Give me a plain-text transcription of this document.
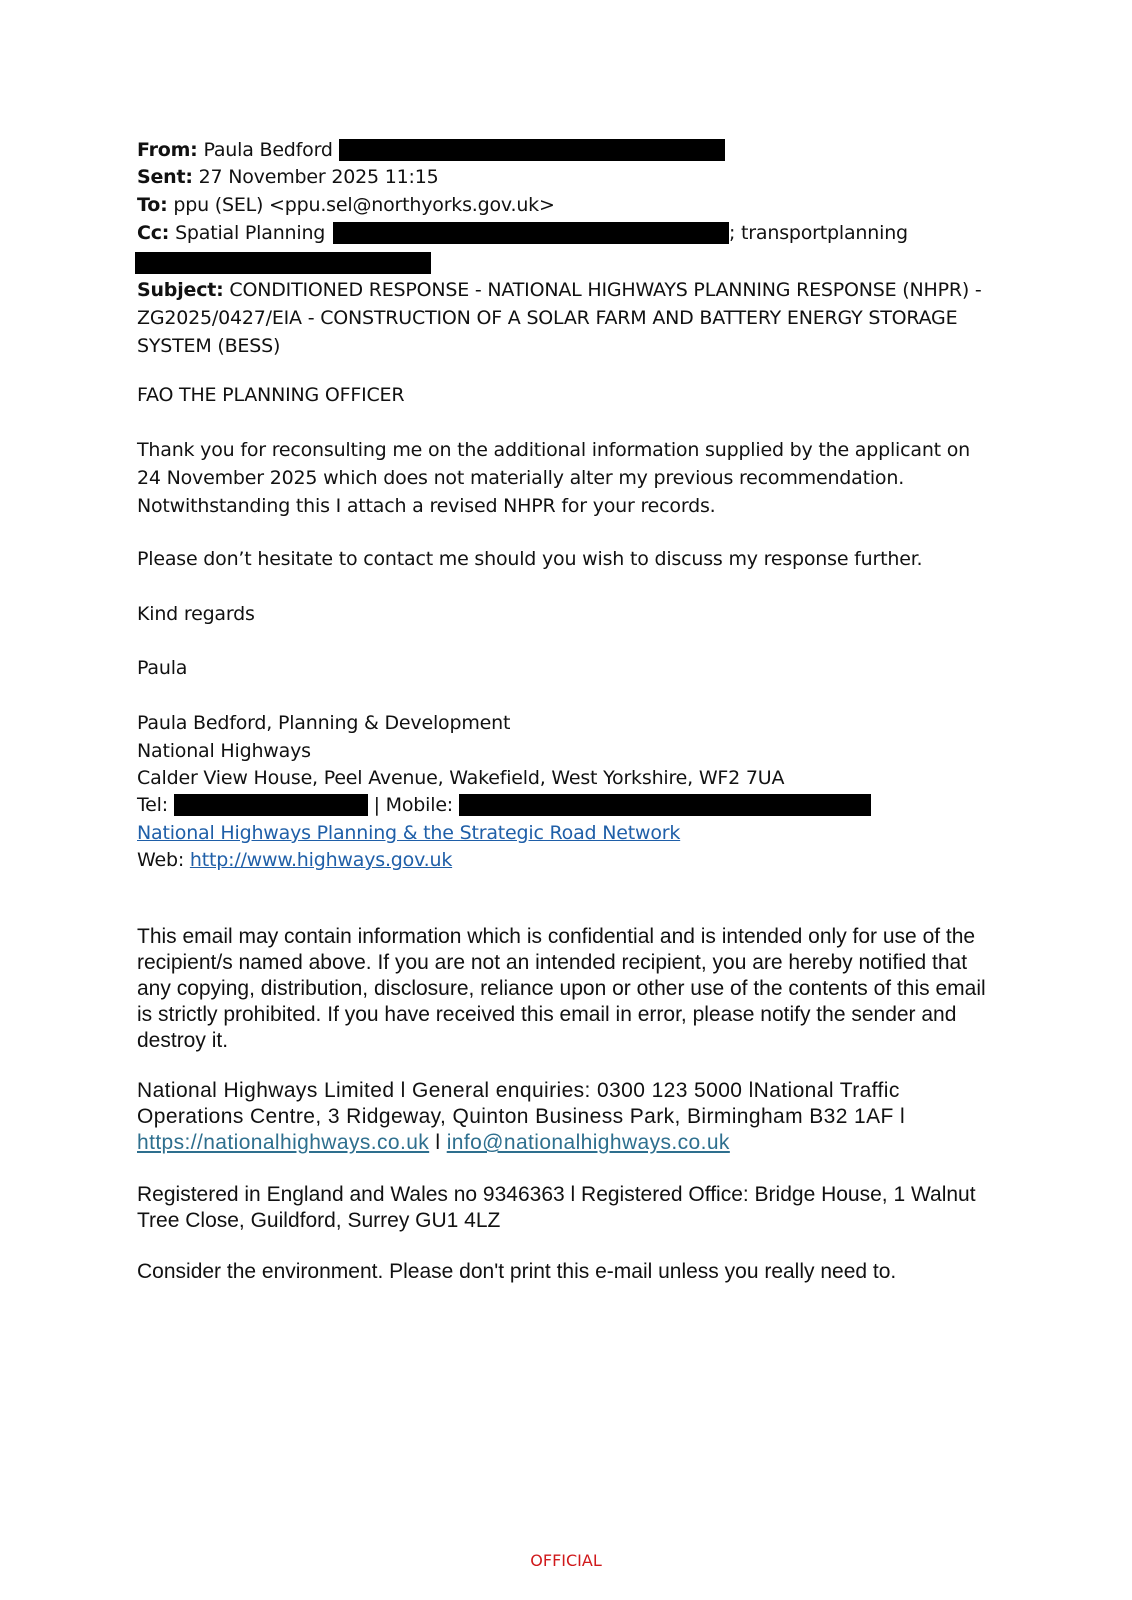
From: Paula Bedford
Sent: 27 November 2025 11:15
To: ppu (SEL) <ppu.sel@northyorks.gov.uk>
Cc: Spatial Planning	; transportplanning
Subject: CONDITIONED RESPONSE - NATIONAL HIGHWAYS PLANNING RESPONSE (NHPR) - ZG2025/0427/EIA - CONSTRUCTION OF A SOLAR FARM AND BATTERY ENERGY STORAGE SYSTEM (BESS)
FAO THE PLANNING OFFICER
Thank you for reconsulting me on the additional information supplied by the applicant on 24 November 2025 which does not materially alter my previous recommendation. Notwithstanding this I attach a revised NHPR for your records.
Please don’t hesitate to contact me should you wish to discuss my response further.
Kind regards
Paula
Paula Bedford, Planning & Development
National Highways
Calder View House, Peel Avenue, Wakefield, West Yorkshire, WF2 7UA
Tel:	| Mobile:
National Highways Planning & the Strategic Road Network
Web: http://www.highways.gov.uk
This email may contain information which is confidential and is intended only for use of the recipient/s named above. If you are not an intended recipient, you are hereby notified that any copying, distribution, disclosure, reliance upon or other use of the contents of this email is strictly prohibited. If you have received this email in error, please notify the sender and destroy it.
National Highways Limited l General enquiries: 0300 123 5000 lNational Traffic Operations Centre, 3 Ridgeway, Quinton Business Park, Birmingham B32 1AF l
https://nationalhighways.co.uk l info@nationalhighways.co.uk
Registered in England and Wales no 9346363 l Registered Office: Bridge House, 1 Walnut Tree Close, Guildford, Surrey GU1 4LZ
Consider the environment. Please don't print this e-mail unless you really need to.
OFFICIAL
